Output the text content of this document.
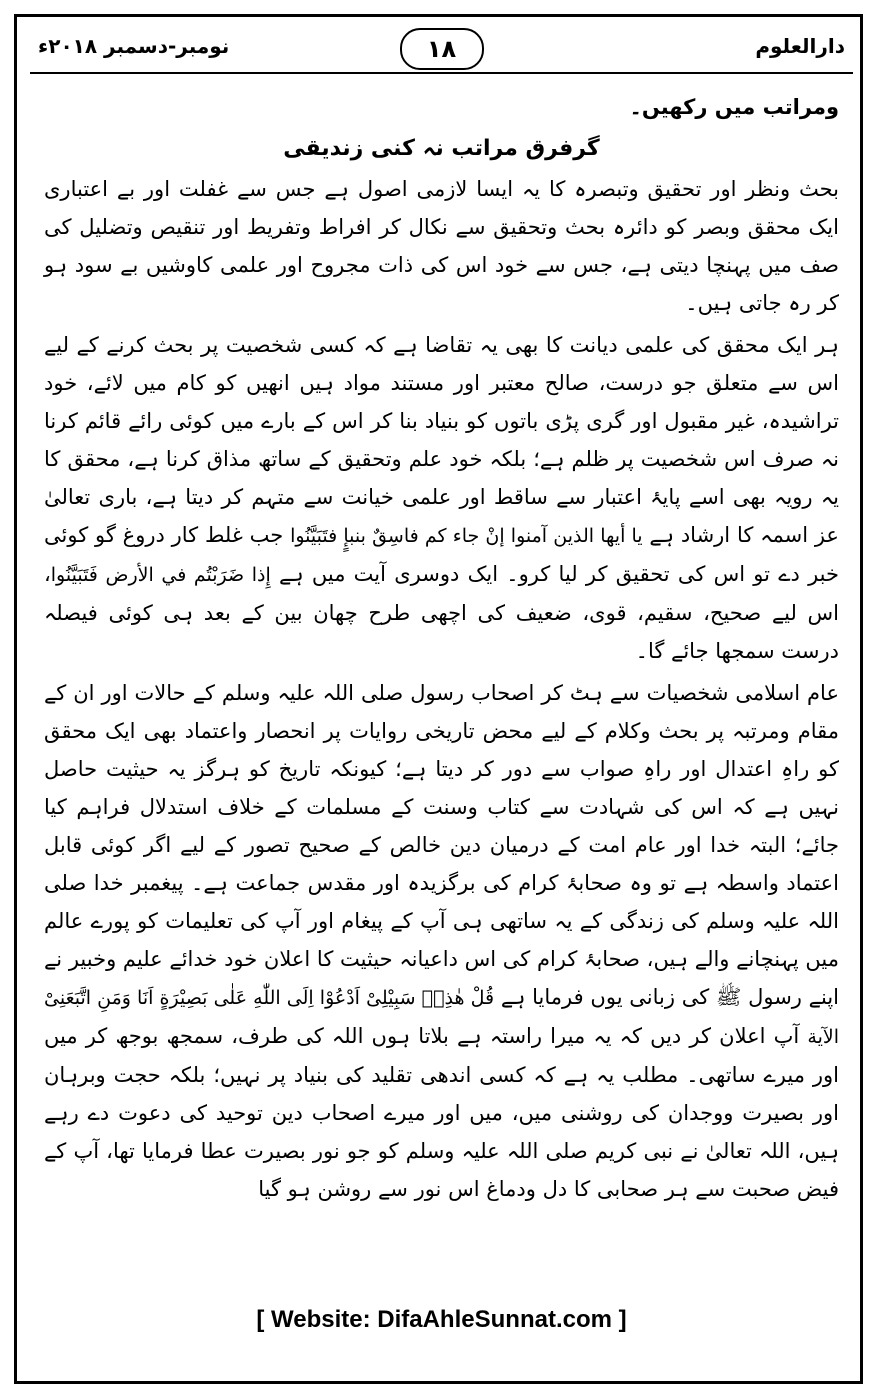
نومبر-دسمبر ۲۰۱۸ء	۱۸	دارالعلوم

ومراتب میں رکھیں۔

گرفرق مراتب نہ کنی زندیقی

بحث ونظر اور تحقیق وتبصرہ کا یہ ایسا لازمی اصول ہے جس سے غفلت اور بے اعتباری ایک محقق وبصر کو دائرہ بحث وتحقیق سے نکال کر افراط وتفریط اور تنقیص وتضلیل کی صف میں پہنچا دیتی ہے، جس سے خود اس کی ذات مجروح اور علمی کاوشیں بے سود ہو کر رہ جاتی ہیں۔

ہر ایک محقق کی علمی دیانت کا بھی یہ تقاضا ہے کہ کسی شخصیت پر بحث کرنے کے لیے اس سے متعلق جو درست، صالح معتبر اور مستند مواد ہیں انھیں کو کام میں لائے، خود تراشیدہ، غیر مقبول اور گری پڑی باتوں کو بنیاد بنا کر اس کے بارے میں کوئی رائے قائم کرنا نہ صرف اس شخصیت پر ظلم ہے؛ بلکہ خود علم وتحقیق کے ساتھ مذاق کرنا ہے، محقق کا یہ رویہ بھی اسے پایۂ اعتبار سے ساقط اور علمی خیانت سے متہم کر دیتا ہے، باری تعالیٰ عز اسمہ کا ارشاد ہے یا أیها الذین آمنوا إنْ جاء کم فاسِقٌ بنبإٍ فتَبَيَّنُوا جب غلط کار دروغ گو کوئی خبر دے تو اس کی تحقیق کر لیا کرو۔ ایک دوسری آیت میں ہے إِذا ضَرَبْتُم في الأرض فَتَبَيَّنُوا، اس لیے صحیح، سقیم، قوی، ضعیف کی اچھی طرح چھان بین کے بعد ہی کوئی فیصلہ درست سمجھا جائے گا۔

عام اسلامی شخصیات سے ہٹ کر اصحاب رسول صلی اللہ علیہ وسلم کے حالات اور ان کے مقام ومرتبہ پر بحث وکلام کے لیے محض تاریخی روایات پر انحصار واعتماد بھی ایک محقق کو راہِ اعتدال اور راہِ صواب سے دور کر دیتا ہے؛ کیونکہ تاریخ کو ہرگز یہ حیثیت حاصل نہیں ہے کہ اس کی شہادت سے کتاب وسنت کے مسلمات کے خلاف استدلال فراہم کیا جائے؛ البتہ خدا اور عام امت کے درمیان دین خالص کے صحیح تصور کے لیے اگر کوئی قابل اعتماد واسطہ ہے تو وہ صحابۂ کرام کی برگزیدہ اور مقدس جماعت ہے۔ پیغمبر خدا صلی اللہ علیہ وسلم کی زندگی کے یہ ساتھی ہی آپ کے پیغام اور آپ کی تعلیمات کو پورے عالم میں پہنچانے والے ہیں، صحابۂ کرام کی اس داعیانہ حیثیت کا اعلان خود خدائے علیم وخبیر نے اپنے رسول ﷺ کی زبانی یوں فرمایا ہے قُلْ هٰذِهٖ سَبِیْلِیْ اَدْعُوْا اِلَى اللّٰهِ عَلٰى بَصِیْرَةٍ اَنَا وَمَنِ اتَّبَعَنِیْ الآیة آپ اعلان کر دیں کہ یہ میرا راستہ ہے بلاتا ہوں اللہ کی طرف، سمجھ بوجھ کر میں اور میرے ساتھی۔ مطلب یہ ہے کہ کسی اندھی تقلید کی بنیاد پر نہیں؛ بلکہ حجت وبرہان اور بصیرت ووجدان کی روشنی میں، میں اور میرے اصحاب دین توحید کی دعوت دے رہے ہیں، اللہ تعالیٰ نے نبی کریم صلی اللہ علیہ وسلم کو جو نور بصیرت عطا فرمایا تھا، آپ کے فیض صحبت سے ہر صحابی کا دل ودماغ اس نور سے روشن ہو گیا

[ Website: DifaAhleSunnat.com ]
